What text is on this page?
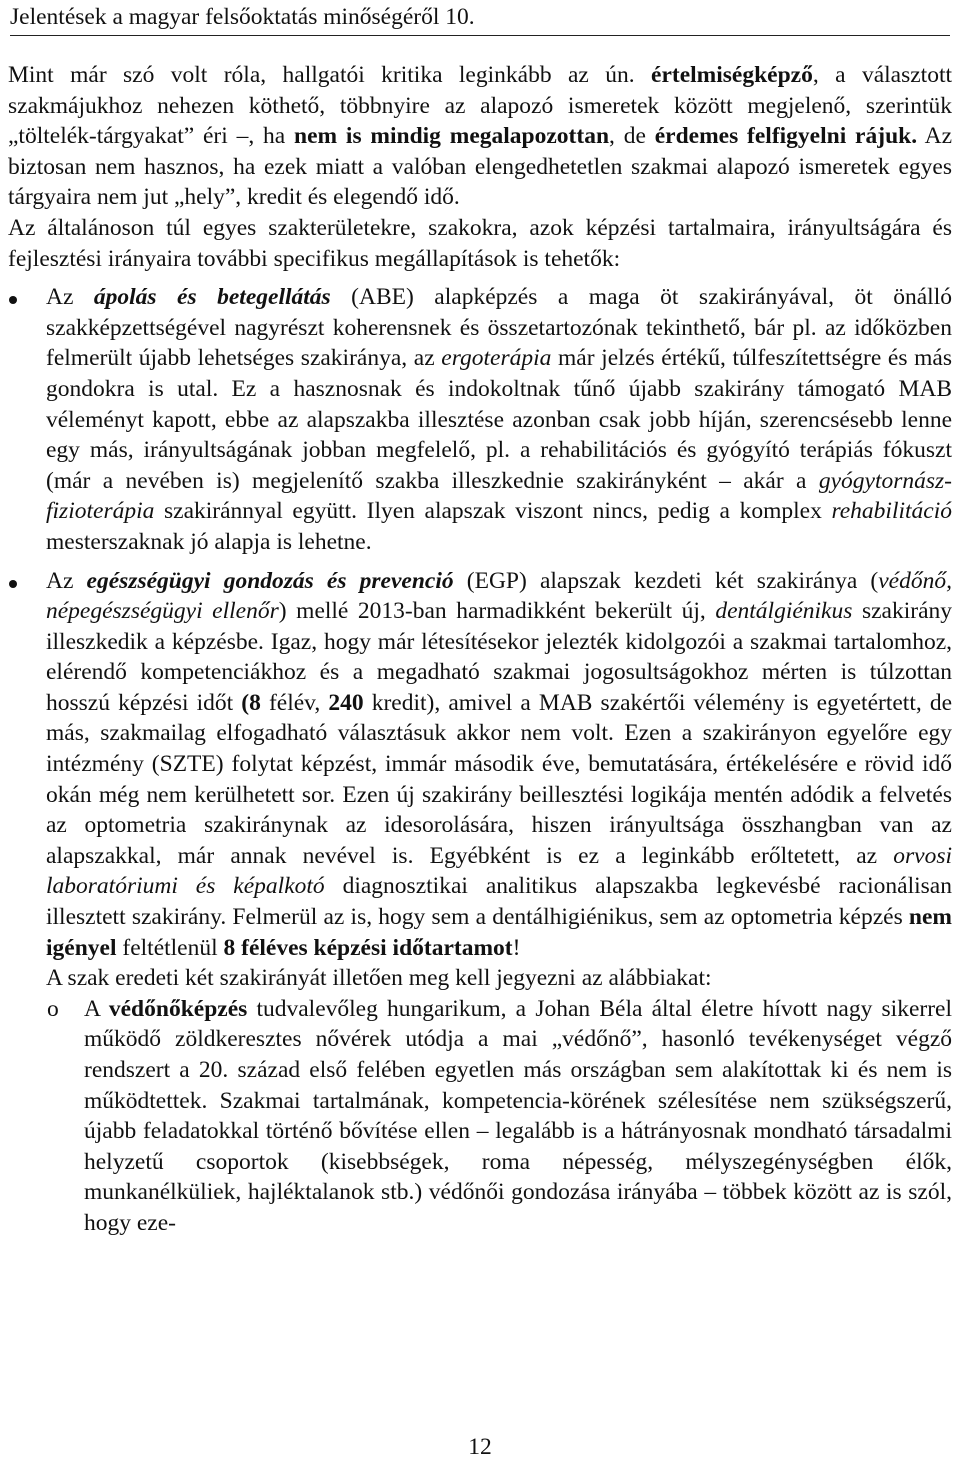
Jelentések a magyar felsőoktatás minőségéről 10.

Mint már szó volt róla, hallgatói kritika leginkább az ún. értelmiségképző, a választott szakmájukhoz nehezen köthető, többnyire az alapozó ismeretek között megjelenő, szerintük „töltelék-tárgyakat” éri –, ha nem is mindig megalapozottan, de érdemes felfigyelni rájuk. Az biztosan nem hasznos, ha ezek miatt a valóban elengedhetetlen szakmai alapozó ismeretek egyes tárgyaira nem jut „hely”, kredit és elegendő idő.

Az általánoson túl egyes szakterületekre, szakokra, azok képzési tartalmaira, irányultságára és fejlesztési irányaira további specifikus megállapítások is tehetők:

Az ápolás és betegellátás (ABE) alapképzés a maga öt szakirányával, öt önálló szakképzettségével nagyrészt koherensnek és összetartozónak tekinthető, bár pl. az időközben felmerült újabb lehetséges szakiránya, az ergoterápia már jelzés értékű, túlfeszítettségre és más gondokra is utal. Ez a hasznosnak és indokoltnak tűnő újabb szakirány támogató MAB véleményt kapott, ebbe az alapszakba illesztése azonban csak jobb híján, szerencsésebb lenne egy más, irányultságának jobban megfelelő, pl. a rehabilitációs és gyógyító terápiás fókuszt (már a nevében is) megjelenítő szakba illeszkednie szakirányként – akár a gyógytornász-fizioterápia szakiránnyal együtt. Ilyen alapszak viszont nincs, pedig a komplex rehabilitáció mesterszaknak jó alapja is lehetne.

Az egészségügyi gondozás és prevenció (EGP) alapszak kezdeti két szakiránya (védőnő, népegészségügyi ellenőr) mellé 2013-ban harmadikként bekerült új, dentálgiénikus szakirány illeszkedik a képzésbe. Igaz, hogy már létesítésekor jelezték kidolgozói a szakmai tartalomhoz, elérendő kompetenciákhoz és a megadható szakmai jogosultságokhoz mérten is túlzottan hosszú képzési időt (8 félév, 240 kredit), amivel a MAB szakértői vélemény is egyetértett, de más, szakmailag elfogadható választásuk akkor nem volt. Ezen a szakirányon egyelőre egy intézmény (SZTE) folytat képzést, immár második éve, bemutatására, értékelésére e rövid idő okán még nem kerülhetett sor. Ezen új szakirány beillesztési logikája mentén adódik a felvetés az optometria szakiránynak az idesorolására, hiszen irányultsága összhangban van az alapszakkal, már annak nevével is. Egyébként is ez a leginkább erőltetett, az orvosi laboratóriumi és képalkotó diagnosztikai analitikus alapszakba legkevésbé racionálisan illesztett szakirány. Felmerül az is, hogy sem a dentálhigiénikus, sem az optometria képzés nem igényel feltétlenül 8 féléves képzési időtartamot!

A szak eredeti két szakirányát illetően meg kell jegyezni az alábbiakat:

o A védőnőképzés tudvalevőleg hungarikum, a Johan Béla által életre hívott nagy sikerrel működő zöldkeresztes nővérek utódja a mai „védőnő”, hasonló tevékenységet végző rendszert a 20. század első felében egyetlen más országban sem alakítottak ki és nem is működtettek. Szakmai tartalmának, kompetencia-körének szélesítése nem szükségszerű, újabb feladatokkal történő bővítése ellen – legalább is a hátrányosnak mondható társadalmi helyzetű csoportok (kisebbségek, roma népesség, mélyszegénységben élők, munkanélküliek, hajléktalanok stb.) védőnői gondozása irányába – többek között az is szól, hogy eze-

12
